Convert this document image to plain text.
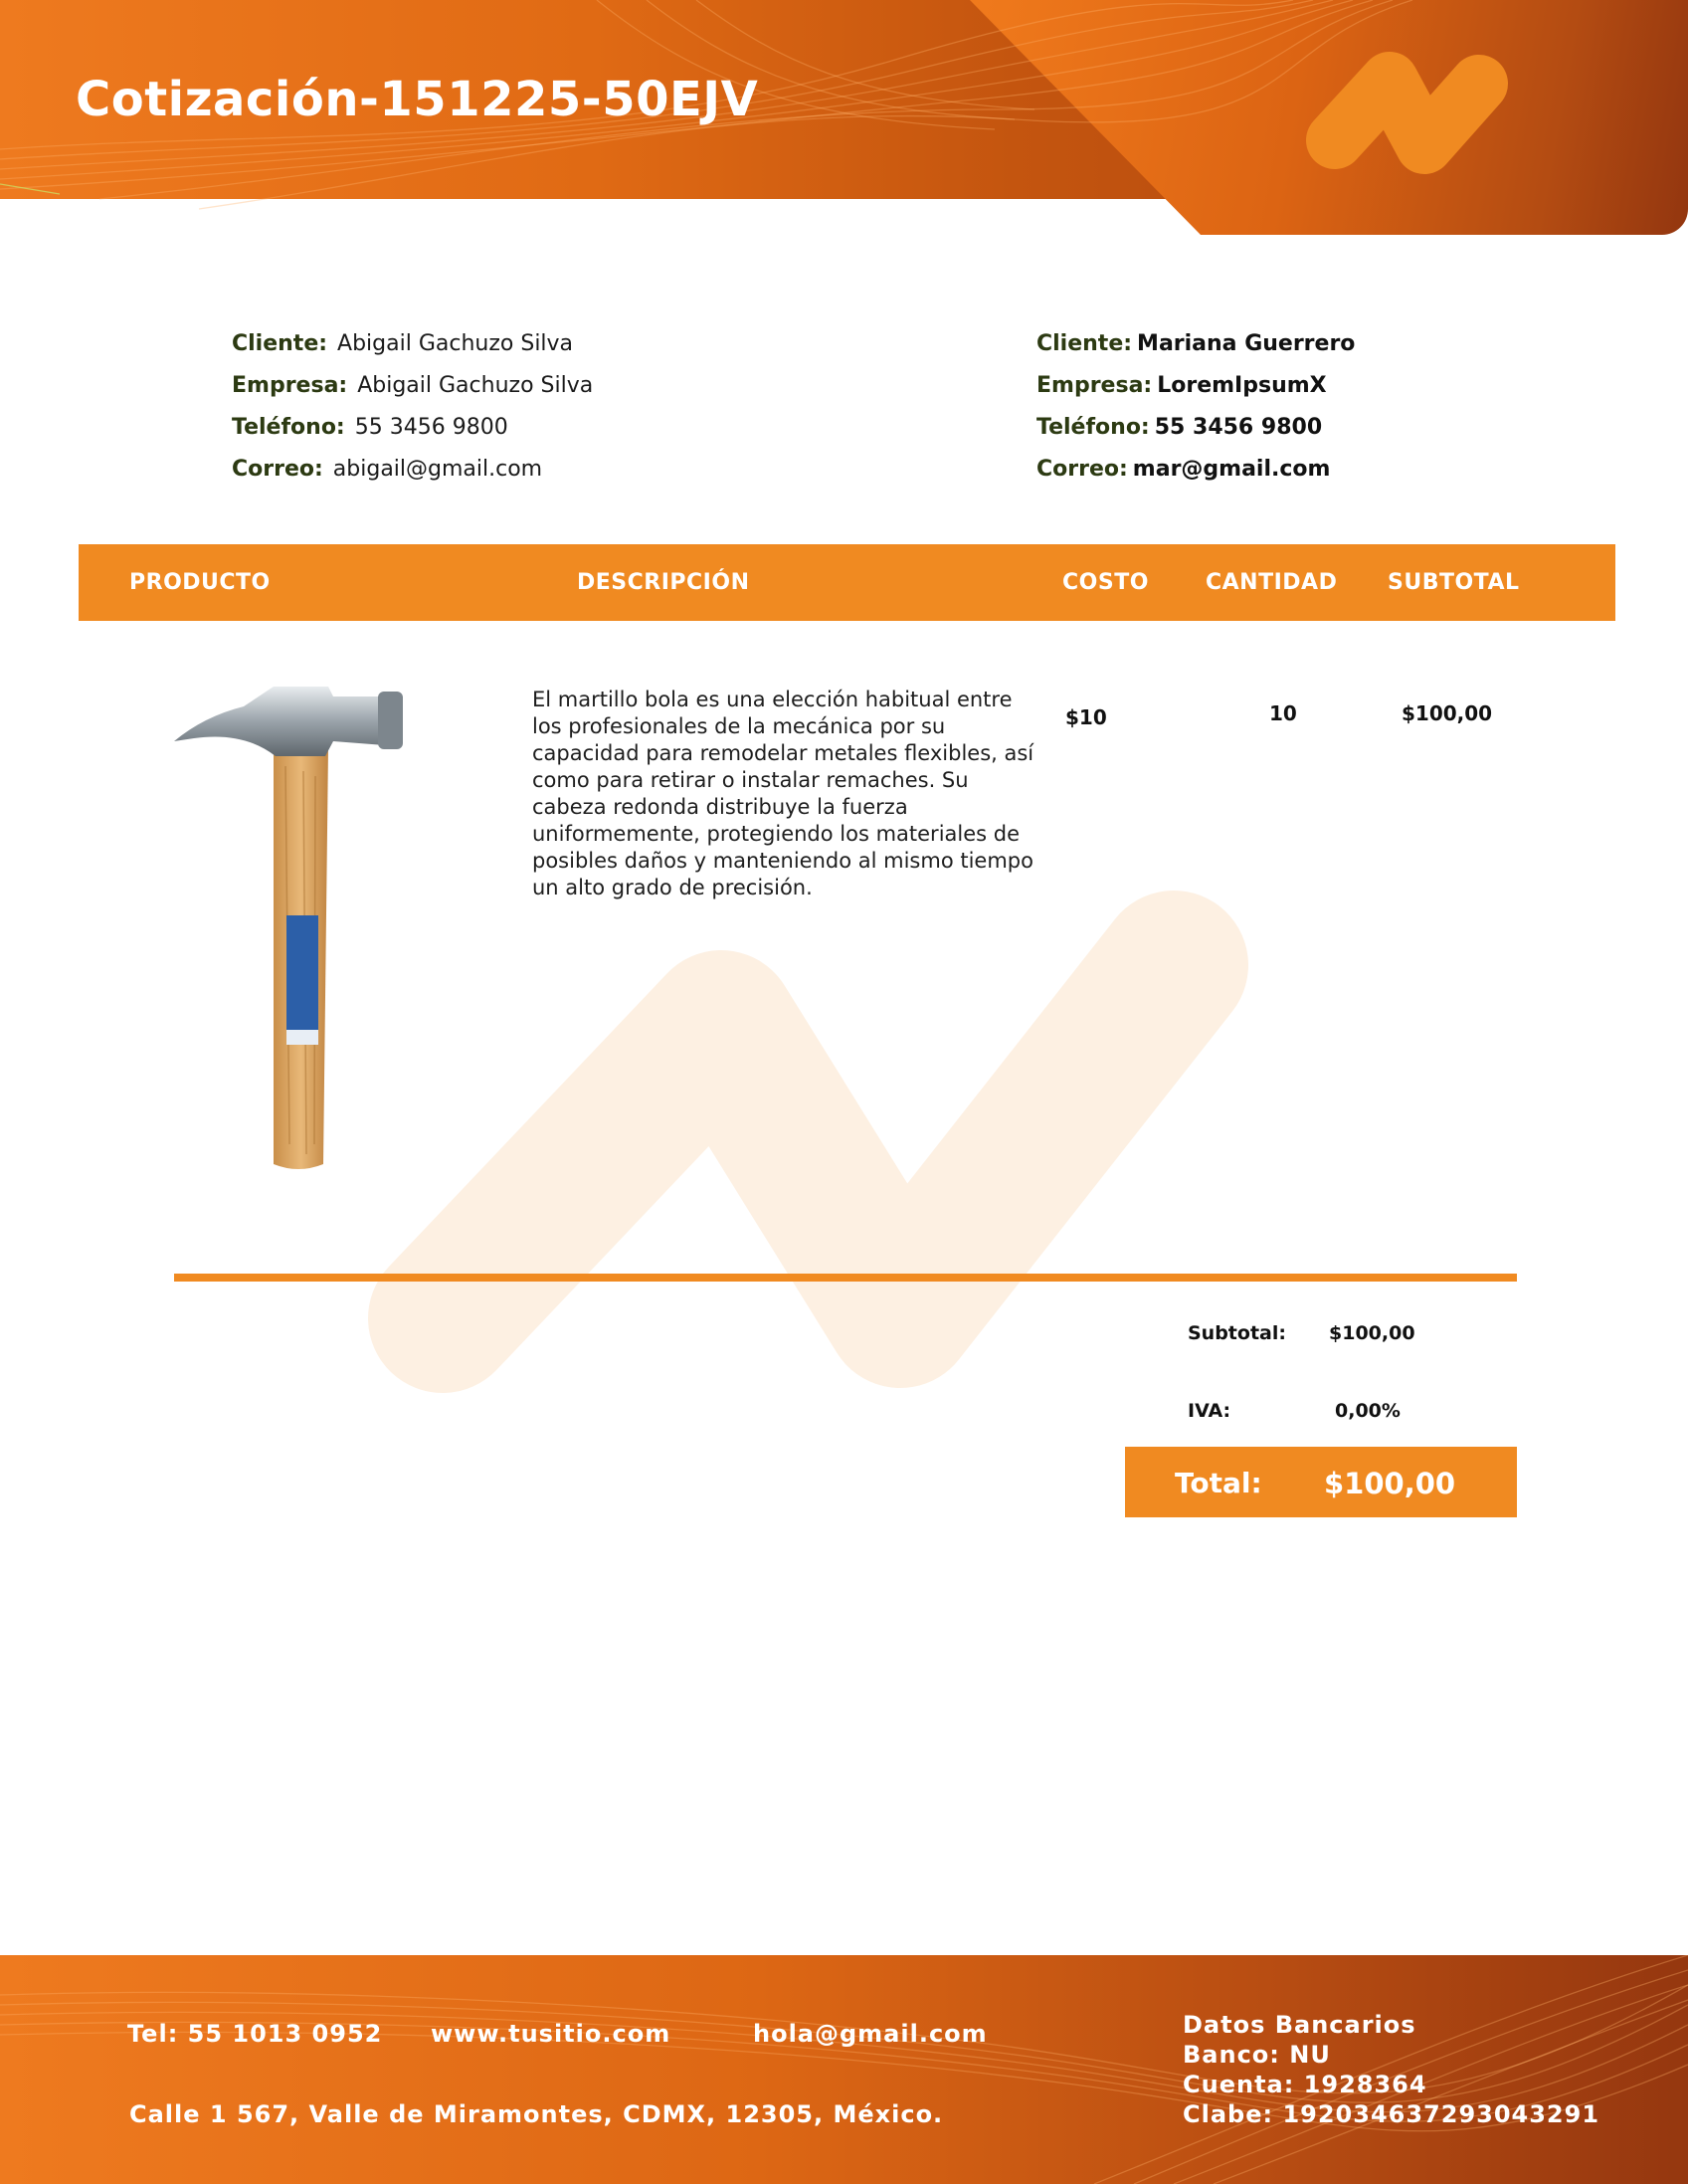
Cotización-151225-50EJV
Cliente: Abigail Gachuzo Silva
Empresa: Abigail Gachuzo Silva
Teléfono: 55 3456 9800
Correo: abigail@gmail.com
Cliente: Mariana Guerrero
Empresa: LoremIpsumX
Teléfono: 55 3456 9800
Correo: mar@gmail.com
PRODUCTO	DESCRIPCIÓN	COSTO	CANTIDAD SUBTOTAL
El martillo bola es una elección habitual entre los profesionales de la mecánica por su capacidad para remodelar metales flexibles, así como para retirar o instalar remaches. Su cabeza redonda distribuye la fuerza uniformemente, protegiendo los materiales de posibles daños y manteniendo al mismo tiempo un alto grado de precisión.
$10	10	$100,00
Subtotal: $100,00
IVA:	0,00%
Total: $100,00
Tel: 55 1013 0952 www.tusitio.com	hola@gmail.com
Calle 1 567, Valle de Miramontes, CDMX, 12305, México.
Datos Bancarios
Banco: NU
Cuenta: 1928364
Clabe: 192034637293043291
